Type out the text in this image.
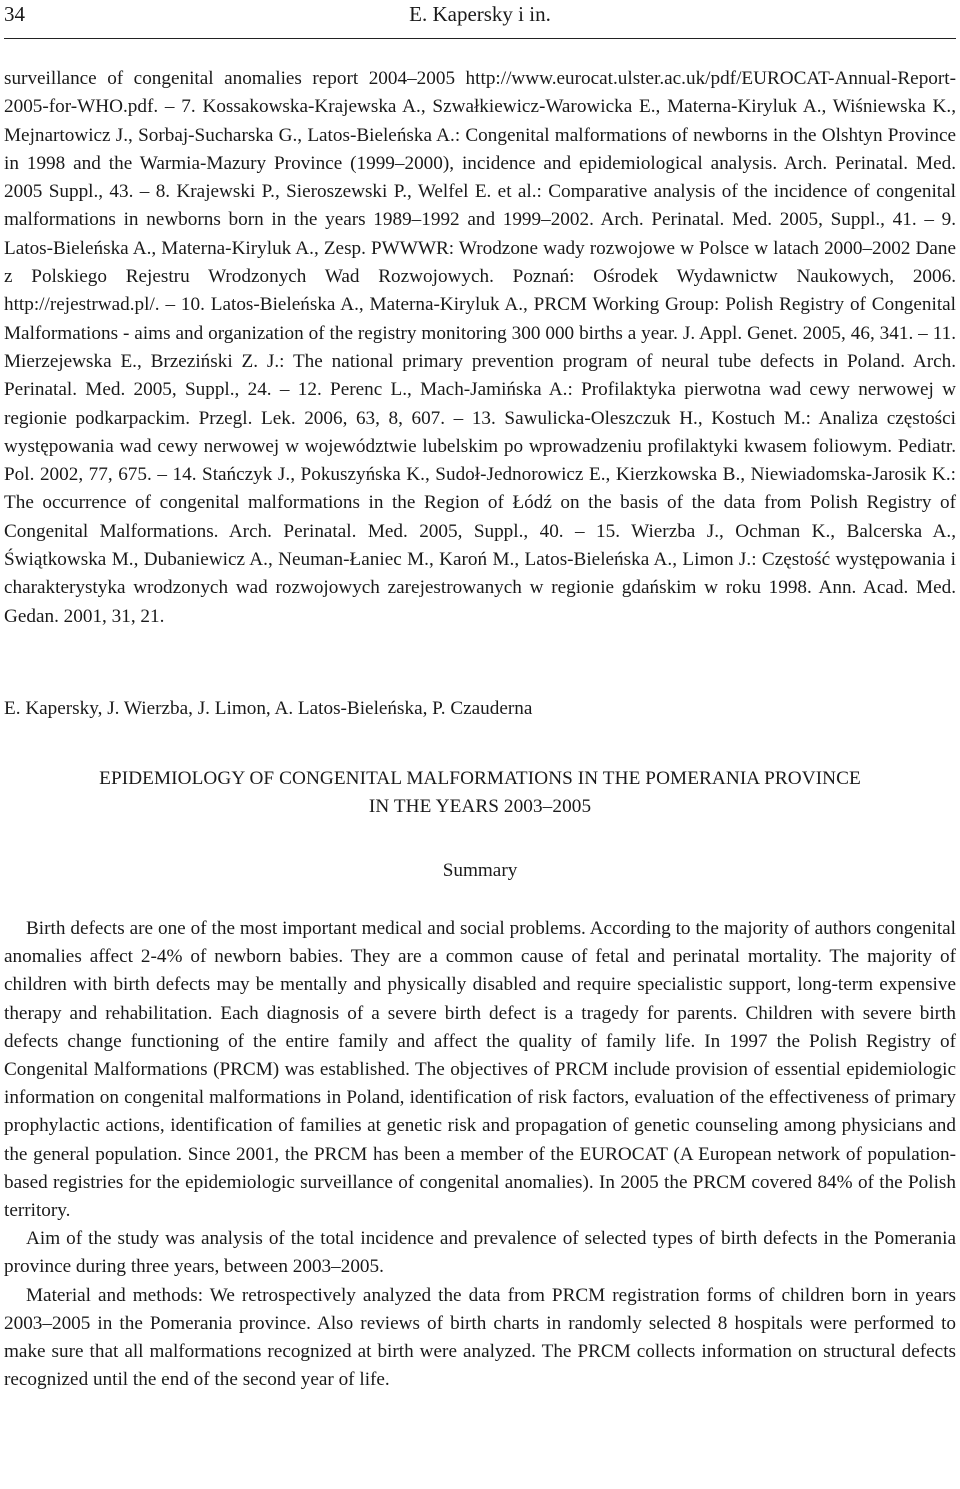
34	E. Kapersky i in.

surveillance of congenital anomalies report 2004–2005 http://www.eurocat.ulster.ac.uk/pdf/EUROCAT-Annual-Report-2005-for-WHO.pdf. – 7. Kossakowska-Krajewska A., Szwałkiewicz-Warowicka E., Materna-Kiryluk A., Wiśniewska K., Mejnartowicz J., Sorbaj-Sucharska G., Latos-Bieleńska A.: Congenital malformations of newborns in the Olshtyn Province in 1998 and the Warmia-Mazury Province (1999–2000), incidence and epidemiological analysis. Arch. Perinatal. Med. 2005 Suppl., 43. – 8. Krajewski P., Sieroszewski P., Welfel E. et al.: Comparative analysis of the incidence of congenital malformations in newborns born in the years 1989–1992 and 1999–2002. Arch. Perinatal. Med. 2005, Suppl., 41. – 9. Latos-Bieleńska A., Materna-Kiryluk A., Zesp. PWWWR: Wrodzone wady rozwojowe w Polsce w latach 2000–2002 Dane z Polskiego Rejestru Wrodzonych Wad Rozwojowych. Poznań: Ośrodek Wydawnictw Naukowych, 2006. http://rejestrwad.pl/. – 10. Latos-Bieleńska A., Materna-Kiryluk A., PRCM Working Group: Polish Registry of Congenital Malformations - aims and organization of the registry monitoring 300 000 births a year. J. Appl. Genet. 2005, 46, 341. – 11. Mierzejewska E., Brzeziński Z. J.: The national primary prevention program of neural tube defects in Poland. Arch. Perinatal. Med. 2005, Suppl., 24. – 12. Perenc L., Mach-Jamińska A.: Profilaktyka pierwotna wad cewy nerwowej w regionie podkarpackim. Przegl. Lek. 2006, 63, 8, 607. – 13. Sawulicka-Oleszczuk H., Kostuch M.: Analiza częstości występowania wad cewy nerwowej w województwie lubelskim po wprowadzeniu profilaktyki kwasem foliowym. Pediatr. Pol. 2002, 77, 675. – 14. Stańczyk J., Pokuszyńska K., Sudoł-Jednorowicz E., Kierzkowska B., Niewiadomska-Jarosik K.: The occurrence of congenital malformations in the Region of Łódź on the basis of the data from Polish Registry of Congenital Malformations. Arch. Perinatal. Med. 2005, Suppl., 40. – 15. Wierzba J., Ochman K., Balcerska A., Świątkowska M., Dubaniewicz A., Neuman-Łaniec M., Karoń M., Latos-Bieleńska A., Limon J.: Częstość występowania i charakterystyka wrodzonych wad rozwojowych zarejestrowanych w regionie gdańskim w roku 1998. Ann. Acad. Med. Gedan. 2001, 31, 21.

E. Kapersky, J. Wierzba, J. Limon, A. Latos-Bieleńska, P. Czauderna

EPIDEMIOLOGY OF CONGENITAL MALFORMATIONS IN THE POMERANIA PROVINCE
IN THE YEARS 2003–2005
Summary

Birth defects are one of the most important medical and social problems. According to the majority of authors congenital anomalies affect 2-4% of newborn babies. They are a common cause of fetal and perinatal mortality. The majority of children with birth defects may be mentally and physically disabled and require specialistic support, long-term expensive therapy and rehabilitation. Each diagnosis of a severe birth defect is a tragedy for parents. Children with severe birth defects change functioning of the entire family and affect the quality of family life. In 1997 the Polish Registry of Congenital Malformations (PRCM) was established. The objectives of PRCM include provision of essential epidemiologic information on congenital malformations in Poland, identification of risk factors, evaluation of the effectiveness of primary prophylactic actions, identification of families at genetic risk and propagation of genetic counseling among physicians and the general population. Since 2001, the PRCM has been a member of the EUROCAT (A European network of population-based registries for the epidemiologic surveillance of congenital anomalies). In 2005 the PRCM covered 84% of the Polish territory.

Aim of the study was analysis of the total incidence and prevalence of selected types of birth defects in the Pomerania province during three years, between 2003–2005.

Material and methods: We retrospectively analyzed the data from PRCM registration forms of children born in years 2003–2005 in the Pomerania province. Also reviews of birth charts in randomly selected 8 hospitals were performed to make sure that all malformations recognized at birth were analyzed. The PRCM collects information on structural defects recognized until the end of the second year of life.
